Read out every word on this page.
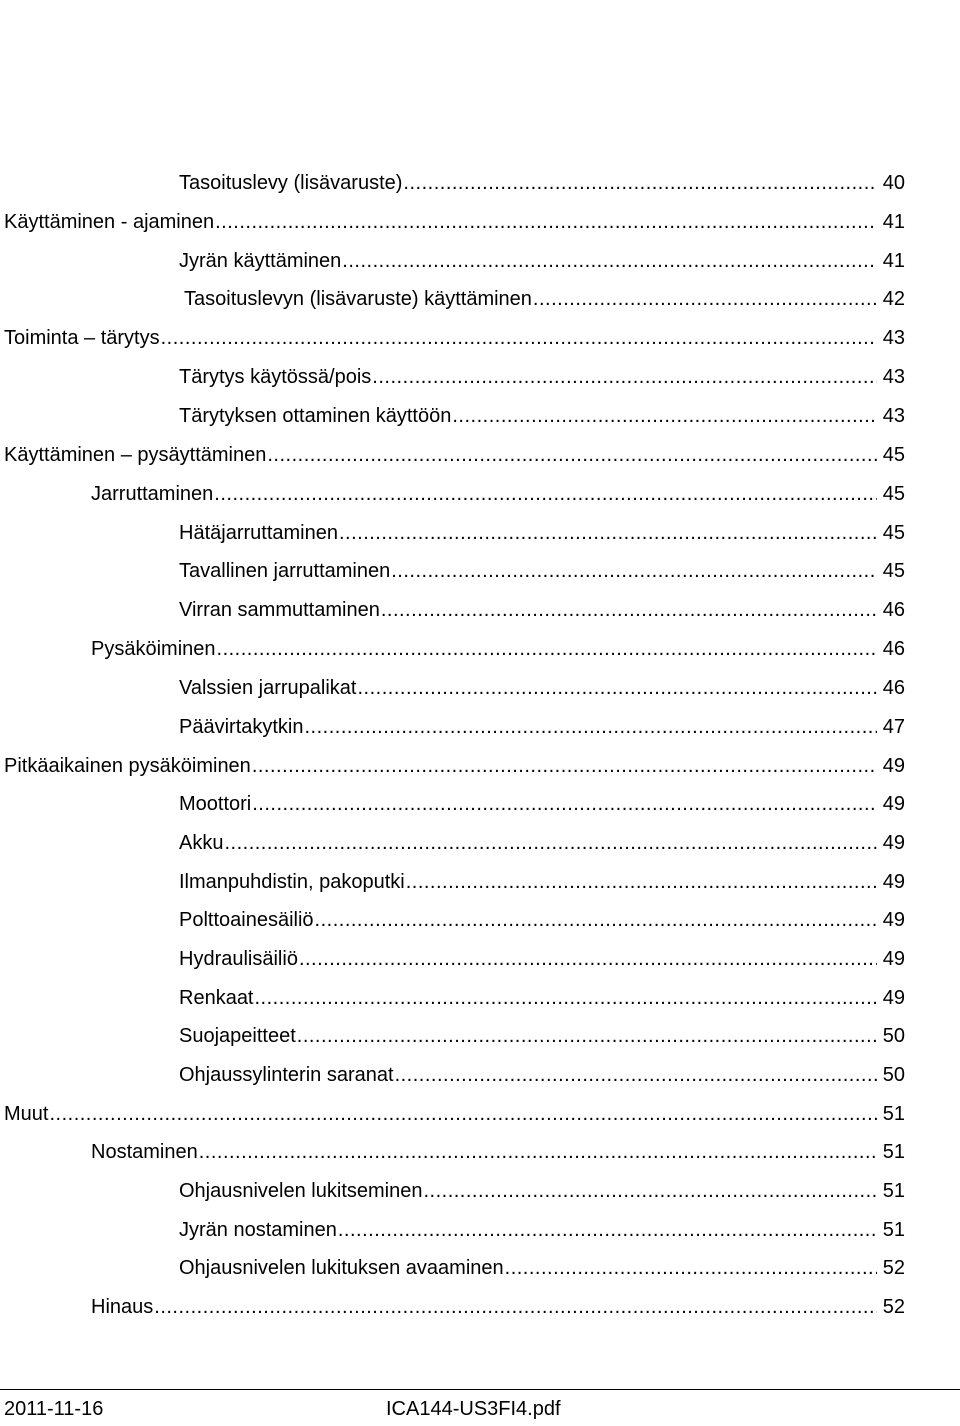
Tasoituslevy (lisävaruste) .....	40
Käyttäminen - ajaminen .....	41
Jyrän käyttäminen .....	41
Tasoituslevyn (lisävaruste) käyttäminen .....	42
Toiminta – tärytys .....	43
Tärytys käytössä/pois .....	43
Tärytyksen ottaminen käyttöön .....	43
Käyttäminen – pysäyttäminen .....	45
Jarruttaminen .....	45
Hätäjarruttaminen .....	45
Tavallinen jarruttaminen .....	45
Virran sammuttaminen .....	46
Pysäköiminen .....	46
Valssien jarrupalikat .....	46
Päävirtakytkin .....	47
Pitkäaikainen pysäköiminen .....	49
Moottori .....	49
Akku .....	49
Ilmanpuhdistin, pakoputki .....	49
Polttoainesäiliö .....	49
Hydraulisäiliö .....	49
Renkaat .....	49
Suojapeitteet .....	50
Ohjaussylinterin saranat .....	50
Muut .....	51
Nostaminen .....	51
Ohjausnivelen lukitseminen .....	51
Jyrän nostaminen .....	51
Ohjausnivelen lukituksen avaaminen .....	52
Hinaus .....	52
2011-11-16	ICA144-US3FI4.pdf
